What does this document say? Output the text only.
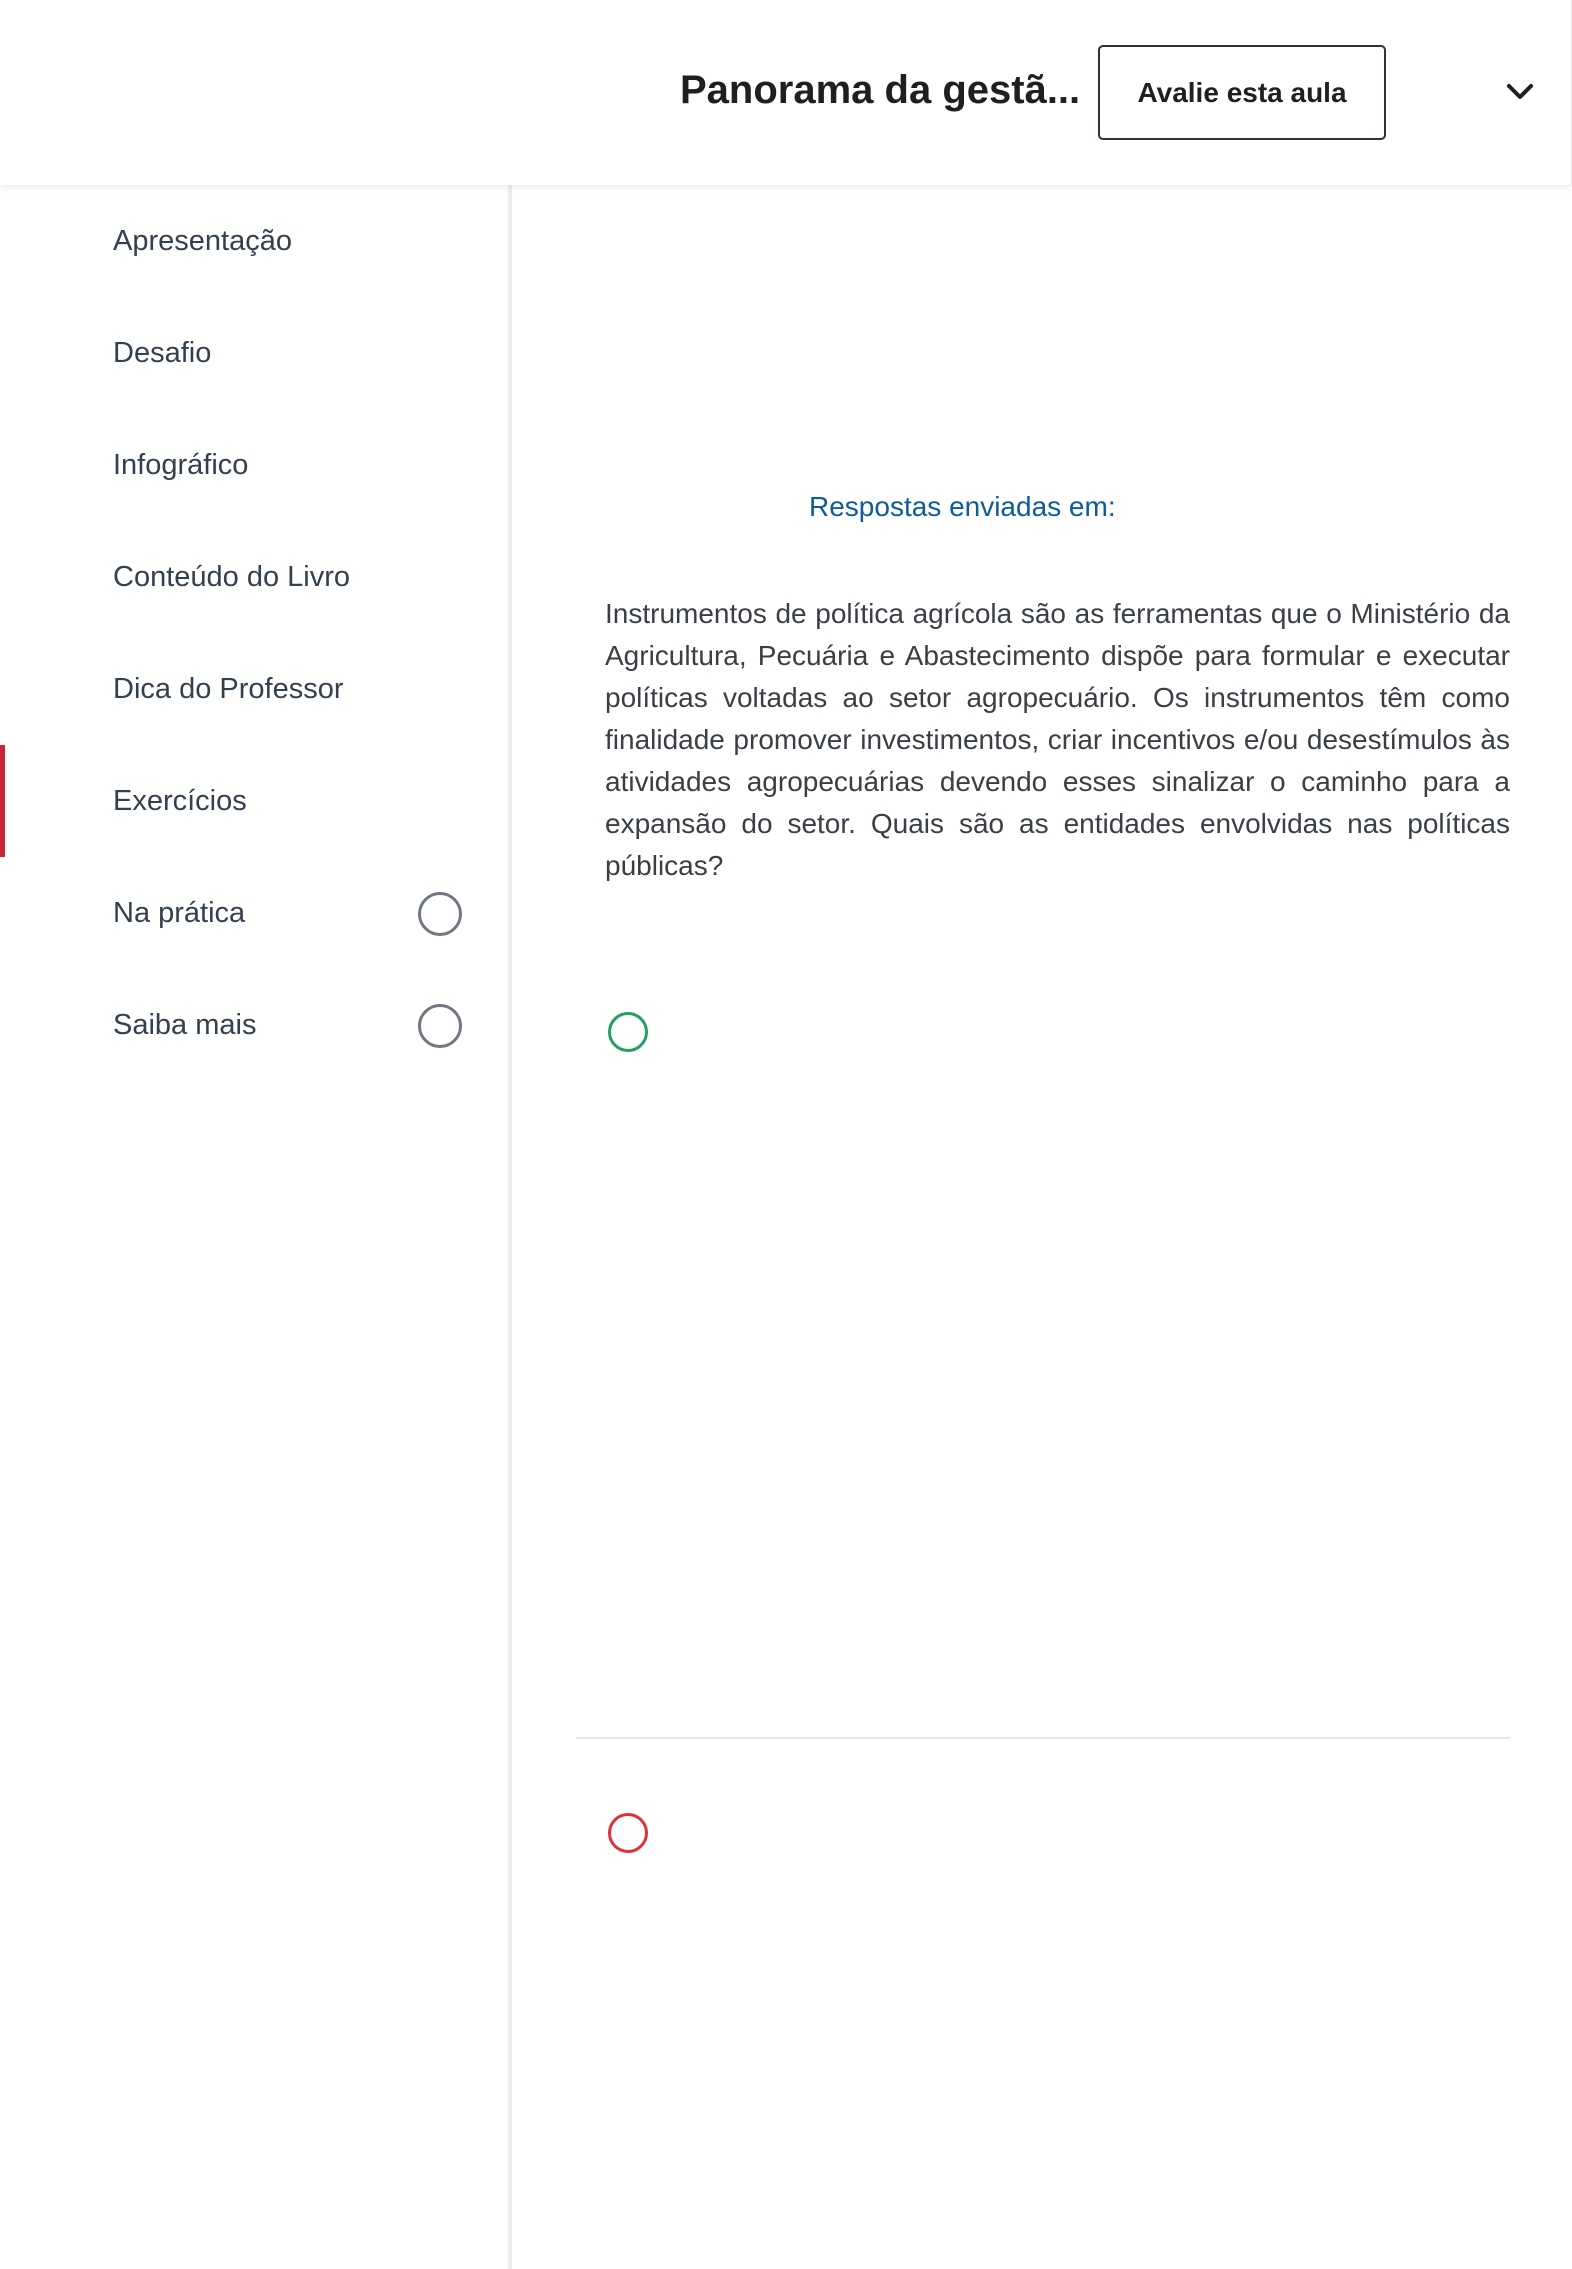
Panorama da gestã...	Avalie esta aula
Apresentação
Desafio
Infográfico
Conteúdo do Livro
Dica do Professor
Exercícios
Na prática
Saiba mais
Respostas enviadas em:

Instrumentos de política agrícola são as ferramentas que o Ministério da Agricultura, Pecuária e Abastecimento dispõe para formular e executar políticas voltadas ao setor agropecuário. Os instrumentos têm como finalidade promover investimentos, criar incentivos e/ou desestímulos às atividades agropecuárias devendo esses sinalizar o caminho para a expansão do setor. Quais são as entidades envolvidas nas políticas públicas?
